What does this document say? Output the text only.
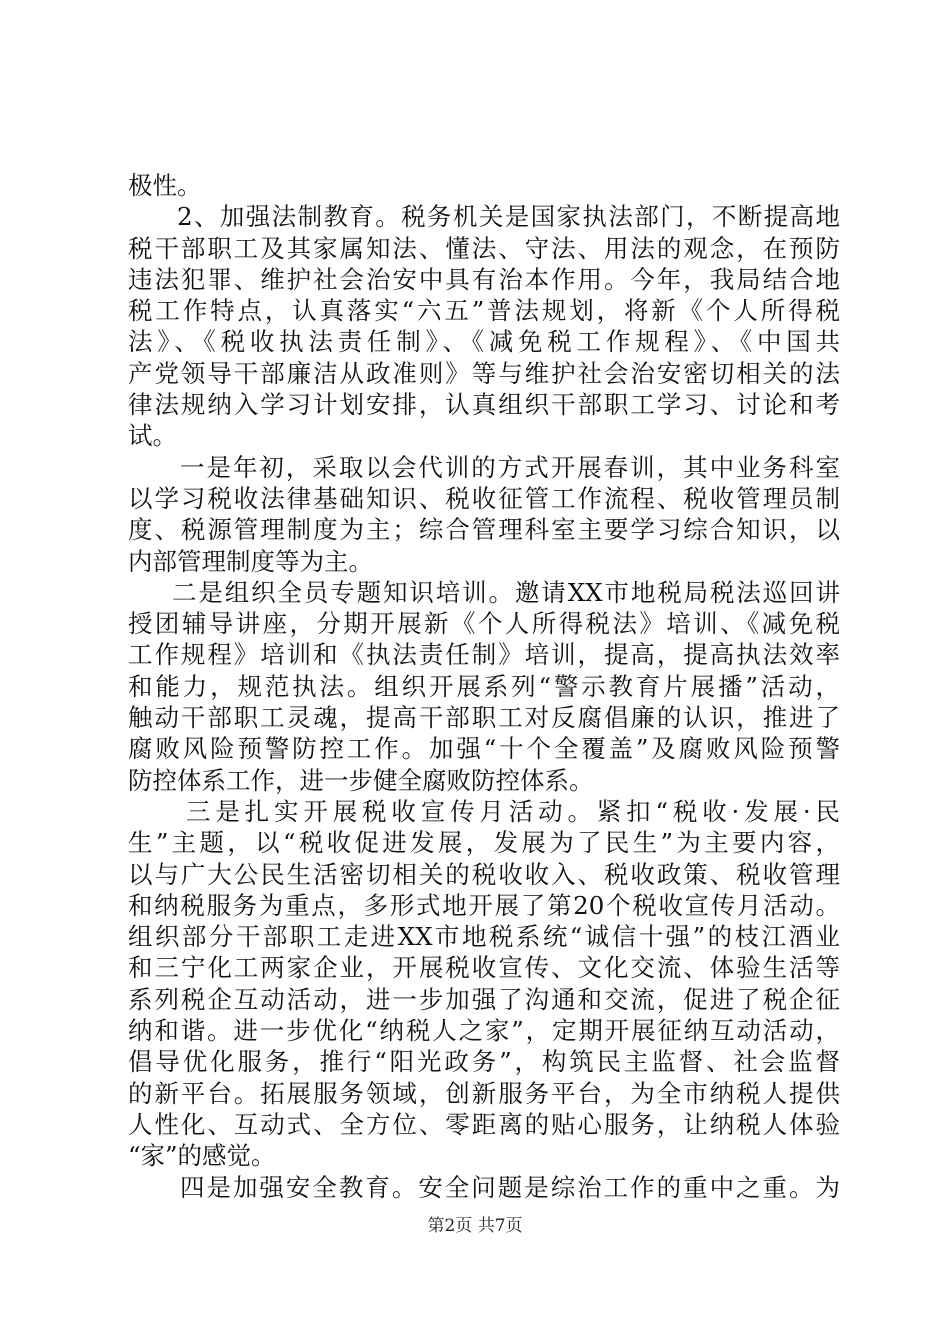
极性。
2、加强法制教育。税务机关是国家执法部门，不断提高地
税干部职工及其家属知法、懂法、守法、用法的观念，在预防
违法犯罪、维护社会治安中具有治本作用。今年，我局结合地
税工作特点，认真落实“六五”普法规划，将新《个人所得税
法》、《税收执法责任制》、《减免税工作规程》、《中国共
产党领导干部廉洁从政准则》等与维护社会治安密切相关的法
律法规纳入学习计划安排，认真组织干部职工学习、讨论和考
试。
一是年初，采取以会代训的方式开展春训，其中业务科室
以学习税收法律基础知识、税收征管工作流程、税收管理员制
度、税源管理制度为主；综合管理科室主要学习综合知识，以
内部管理制度等为主。
二是组织全员专题知识培训。邀请XX市地税局税法巡回讲
授团辅导讲座，分期开展新《个人所得税法》培训、《减免税
工作规程》培训和《执法责任制》培训，提高，提高执法效率
和能力，规范执法。组织开展系列“警示教育片展播”活动，
触动干部职工灵魂，提高干部职工对反腐倡廉的认识，推进了
腐败风险预警防控工作。加强“十个全覆盖”及腐败风险预警
防控体系工作，进一步健全腐败防控体系。
三是扎实开展税收宣传月活动。紧扣“税收·发展·民
生”主题，以“税收促进发展，发展为了民生”为主要内容，
以与广大公民生活密切相关的税收收入、税收政策、税收管理
和纳税服务为重点，多形式地开展了第20个税收宣传月活动。
组织部分干部职工走进XX市地税系统“诚信十强”的枝江酒业
和三宁化工两家企业，开展税收宣传、文化交流、体验生活等
系列税企互动活动，进一步加强了沟通和交流，促进了税企征
纳和谐。进一步优化“纳税人之家”，定期开展征纳互动活动，
倡导优化服务，推行“阳光政务”，构筑民主监督、社会监督
的新平台。拓展服务领域，创新服务平台，为全市纳税人提供
人性化、互动式、全方位、零距离的贴心服务，让纳税人体验
“家”的感觉。
四是加强安全教育。安全问题是综治工作的重中之重。为
第2页 共7页
